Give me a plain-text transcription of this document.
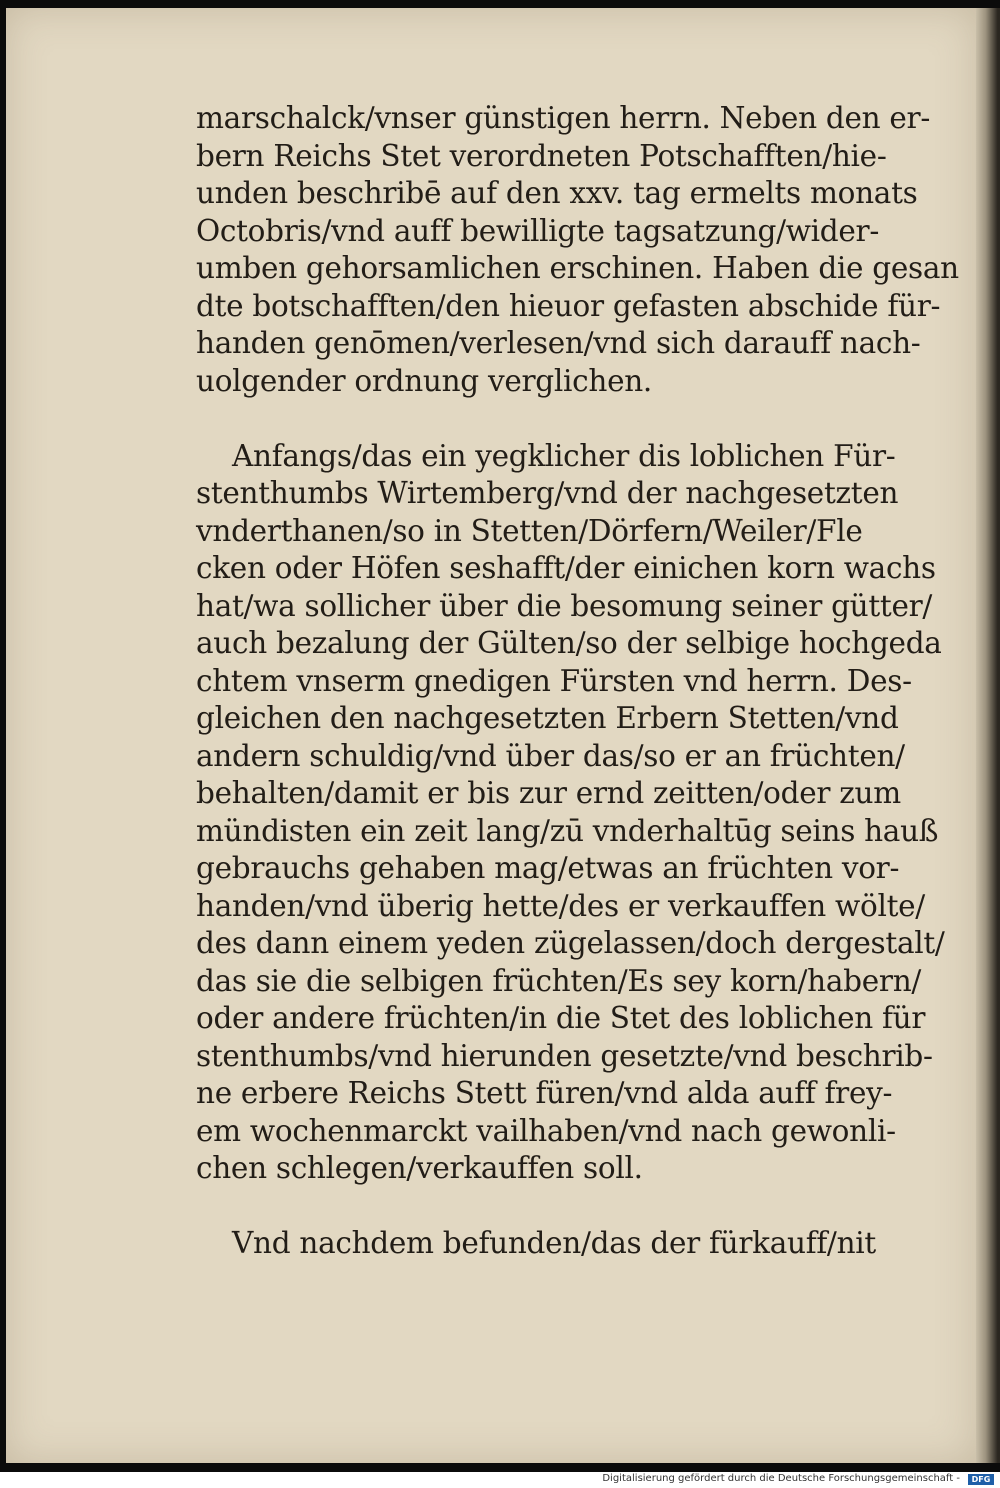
marschalck/vnser günstigen herrn. Neben den er-
bern Reichs Stet verordneten Potschafften/hie-
unden beschribē auf den xxv. tag ermelts monats
Octobris/vnd auff bewilligte tagsatzung/wider-
umben gehorsamlichen erschinen. Haben die gesan
dte botschafften/den hieuor gefasten abschide für-
handen genōmen/verlesen/vnd sich darauff nach-
uolgender ordnung verglichen.
Anfangs/das ein yegklicher dis loblichen Für-
stenthumbs Wirtemberg/vnd der nachgesetzten
vnderthanen/so in Stetten/Dörfern/Weiler/Fle
cken oder Höfen seshafft/der einichen korn wachs
hat/wa sollicher über die besomung seiner gütter/
auch bezalung der Gülten/so der selbige hochgeda
chtem vnserm gnedigen Fürsten vnd herrn. Des-
gleichen den nachgesetzten Erbern Stetten/vnd
andern schuldig/vnd über das/so er an früchten/
behalten/damit er bis zur ernd zeitten/oder zum
mündisten ein zeit lang/zū vnderhaltūg seins hauß
gebrauchs gehaben mag/etwas an früchten vor-
handen/vnd überig hette/des er verkauffen wölte/
des dann einem yeden zügelassen/doch dergestalt/
das sie die selbigen früchten/Es sey korn/habern/
oder andere früchten/in die Stet des loblichen für
stenthumbs/vnd hierunden gesetzte/vnd beschrib-
ne erbere Reichs Stett füren/vnd alda auff frey-
em wochenmarckt vailhaben/vnd nach gewonli-
chen schlegen/verkauffen soll.
Vnd nachdem befunden/das der fürkauff/nit
Digitalisierung gefördert durch die Deutsche Forschungsgemeinschaft -	DFG
